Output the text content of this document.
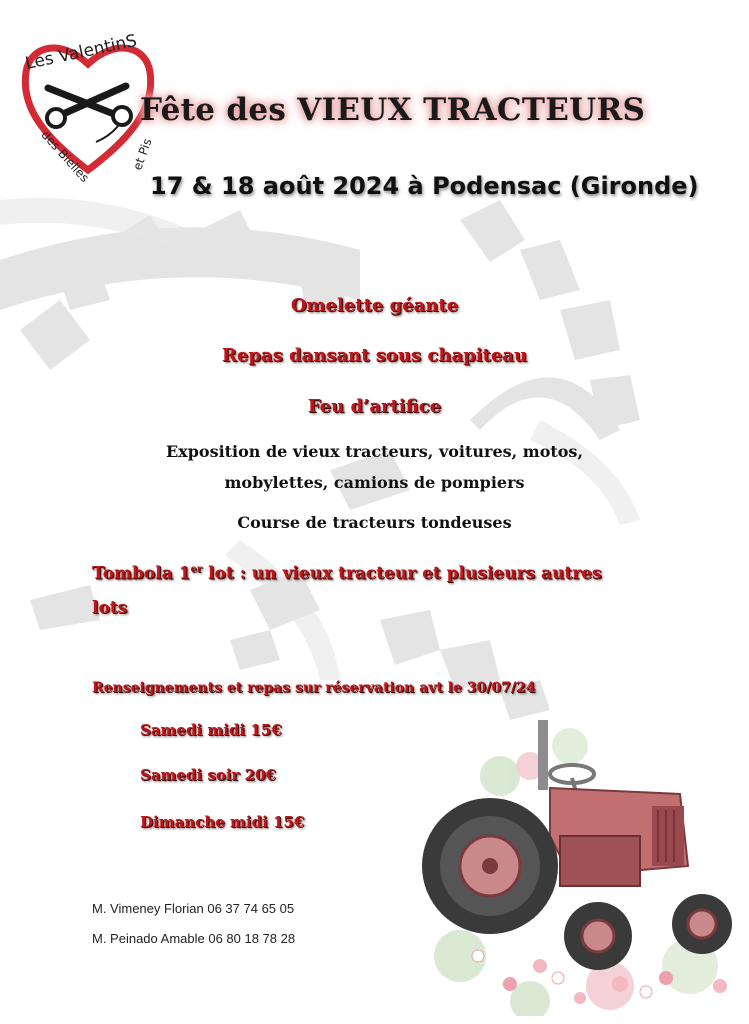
Les ValentinS
des Bielles	et Pis
Fête des VIEUX TRACTEURS
17 & 18 août 2024 à Podensac (Gironde)
Omelette géante
Repas dansant sous chapiteau
Feu d’artifice
Exposition de vieux tracteurs, voitures, motos,
mobylettes, camions de pompiers
Course de tracteurs tondeuses
Tombola 1er lot : un vieux tracteur et plusieurs autres
lots
Renseignements et repas sur réservation avt le 30/07/24
Samedi midi 15€
Samedi soir 20€
Dimanche midi 15€
M. Vimeney Florian 06 37 74 65 05
M. Peinado Amable 06 80 18 78 28
